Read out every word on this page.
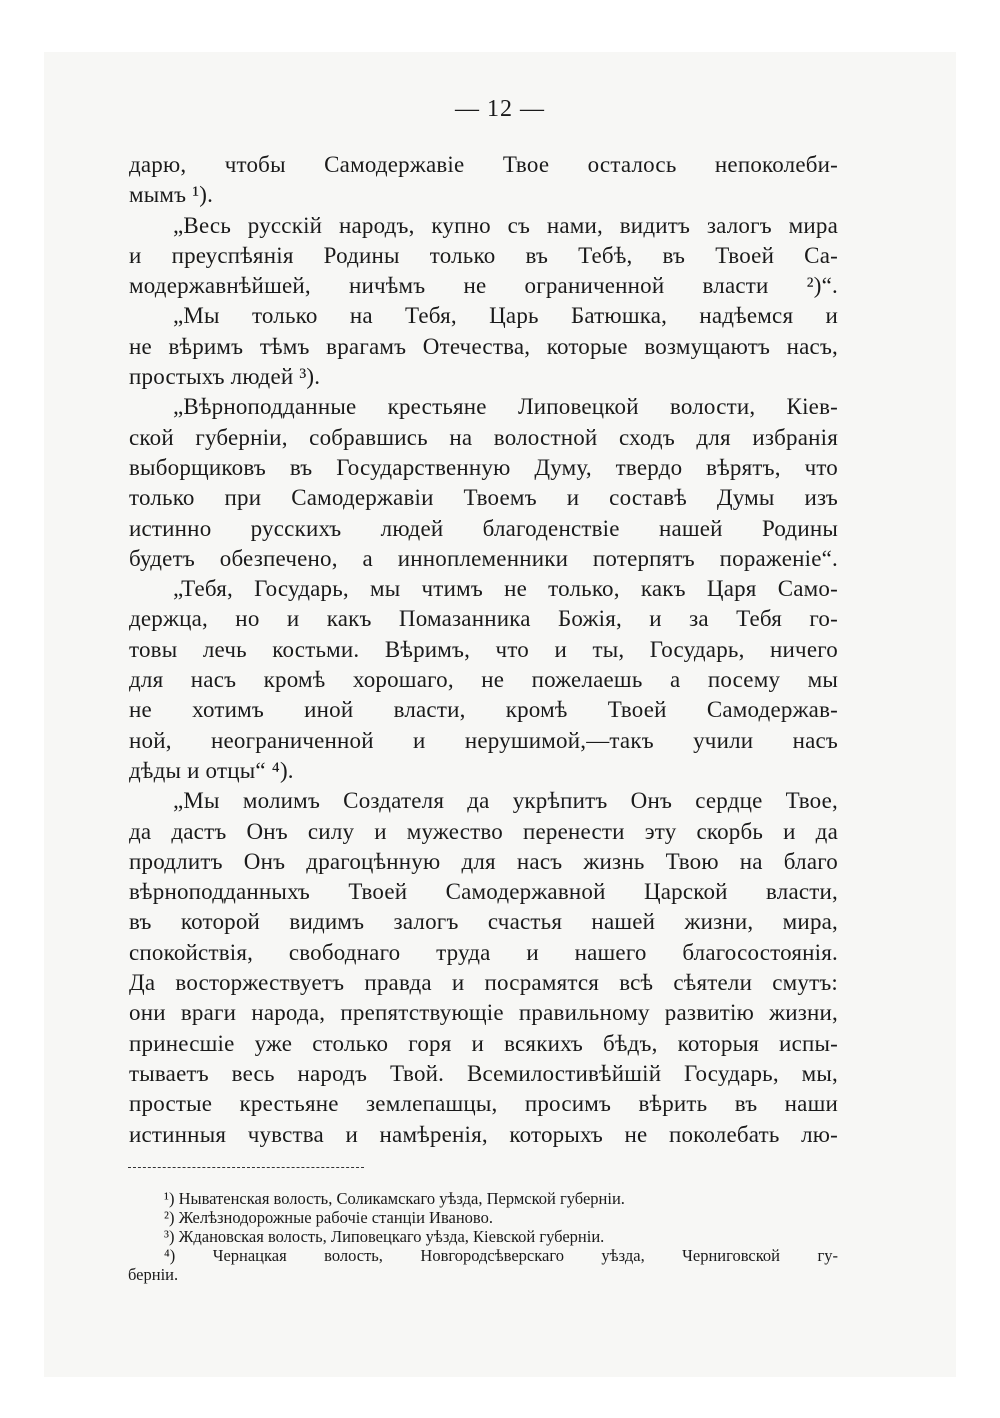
— 12 —
дарю, чтобы Самодержавіе Твое осталось непоколеби-
мымъ ¹).
„Весь русскій народъ, купно съ нами, видитъ залогъ мира
и преуспѣянія Родины только въ Тебѣ, въ Твоей Са-
модержавнѣйшей, ничѣмъ не ограниченной власти ²)“.
„Мы только на Тебя, Царь Батюшка, надѣемся и
не вѣримъ тѣмъ врагамъ Отечества, которые возмущаютъ насъ,
простыхъ людей ³).
„Вѣрноподданные крестьяне Липовецкой волости, Кіев-
ской губерніи, собравшись на волостной сходъ для избранія
выборщиковъ въ Государственную Думу, твердо вѣрятъ, что
только при Самодержавіи Твоемъ и составѣ Думы изъ
истинно русскихъ людей благоденствіе нашей Родины
будетъ обезпечено, а инноплеменники потерпятъ пораженіе“.
„Тебя, Государь, мы чтимъ не только, какъ Царя Само-
держца, но и какъ Помазанника Божія, и за Тебя го-
товы лечь костьми. Вѣримъ, что и ты, Государь, ничего
для насъ кромѣ хорошаго, не пожелаешь а посему мы
не хотимъ иной власти, кромѣ Твоей Самодержав-
ной, неограниченной и нерушимой,—такъ учили насъ
дѣды и отцы“ ⁴).
„Мы молимъ Создателя да укрѣпитъ Онъ сердце Твое,
да дастъ Онъ силу и мужество перенести эту скорбь и да
продлитъ Онъ драгоцѣнную для насъ жизнь Твою на благо
вѣрноподданныхъ Твоей Самодержавной Царской власти,
въ которой видимъ залогъ счастья нашей жизни, мира,
спокойствія, свободнаго труда и нашего благосостоянія.
Да восторжествуетъ правда и посрамятся всѣ сѣятели смутъ:
они враги народа, препятствующіе правильному развитію жизни,
принесшіе уже столько горя и всякихъ бѣдъ, которыя испы-
тываетъ весь народъ Твой. Всемилостивѣйшій Государь, мы,
простые крестьяне землепашцы, просимъ вѣрить въ наши
истинныя чувства и намѣренія, которыхъ не поколебать лю-
¹) Ныватенская волость, Соликамскаго уѣзда, Пермской губерніи.
²) Желѣзнодорожные рабочіе станціи Иваново.
³) Ждановская волость, Липовецкаго уѣзда, Кіевской губерніи.
⁴) Чернацкая волость, Новгородсѣверскаго уѣзда, Черниговской гу-
берніи.
